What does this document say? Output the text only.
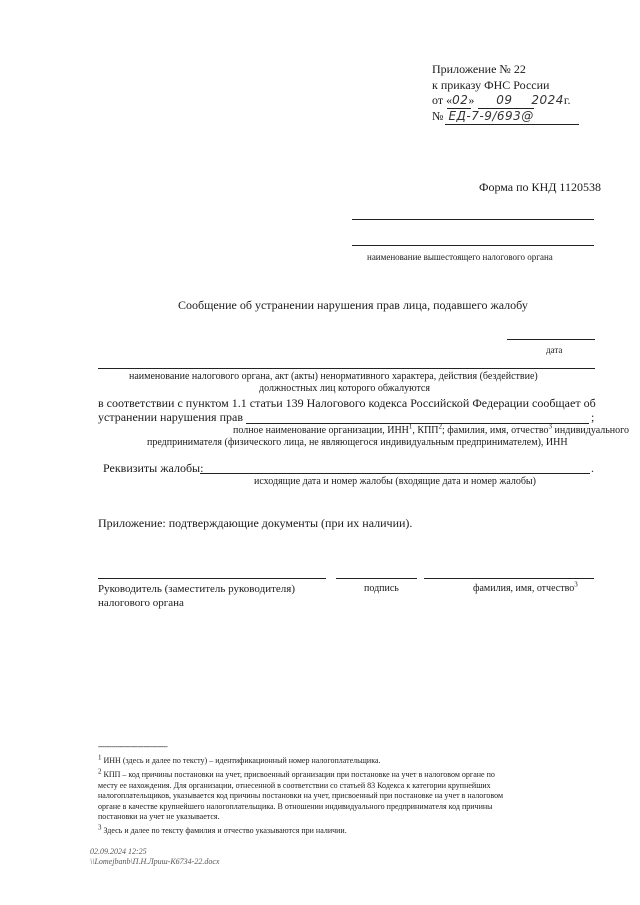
Приложение № 22
к приказу ФНС России
от «02» 09 2024г.
№ ЕД-7-9/693@
Форма по КНД 1120538
наименование вышестоящего налогового органа
Сообщение об устранении нарушения прав лица, подавшего жалобу
дата
наименование налогового органа, акт (акты) ненормативного характера, действия (бездействие)
должностных лиц которого обжалуются
в соответствии с пунктом 1.1 статьи 139 Налогового кодекса Российской Федерации сообщает об
устранении нарушения прав	;
полное наименование организации, ИНН$^1$, КПП$^2$; фамилия, имя, отчество$^3$ индивидуального
предпринимателя (физического лица, не являющегося индивидуальным предпринимателем), ИНН
Реквизиты жалобы:	.
исходящие дата и номер жалобы (входящие дата и номер жалобы)
Приложение: подтверждающие документы (при их наличии).
Руководитель (заместитель руководителя)
налогового органа
подпись	фамилия, имя, отчество$^3$
--------------------------------
$^1$ ИНН (здесь и далее по тексту) – идентификационный номер налогоплательщика.
$^2$ КПП – код причины постановки на учет, присвоенный организации при постановке на учет в налоговом органе по
месту ее нахождения. Для организации, отнесенной в соответствии со статьей 83 Кодекса к категории крупнейших
налогоплательщиков, указывается код причины постановки на учет, присвоенный при постановке на учет в налоговом
органе в качестве крупнейшего налогоплательщика. В отношении индивидуального предпринимателя код причины
постановки на учет не указывается.
$^3$ Здесь и далее по тексту фамилия и отчество указываются при наличии.
02.09.2024 12:25
\\Lomejbanb\П.Н.Лриш-К6734-22.docx
